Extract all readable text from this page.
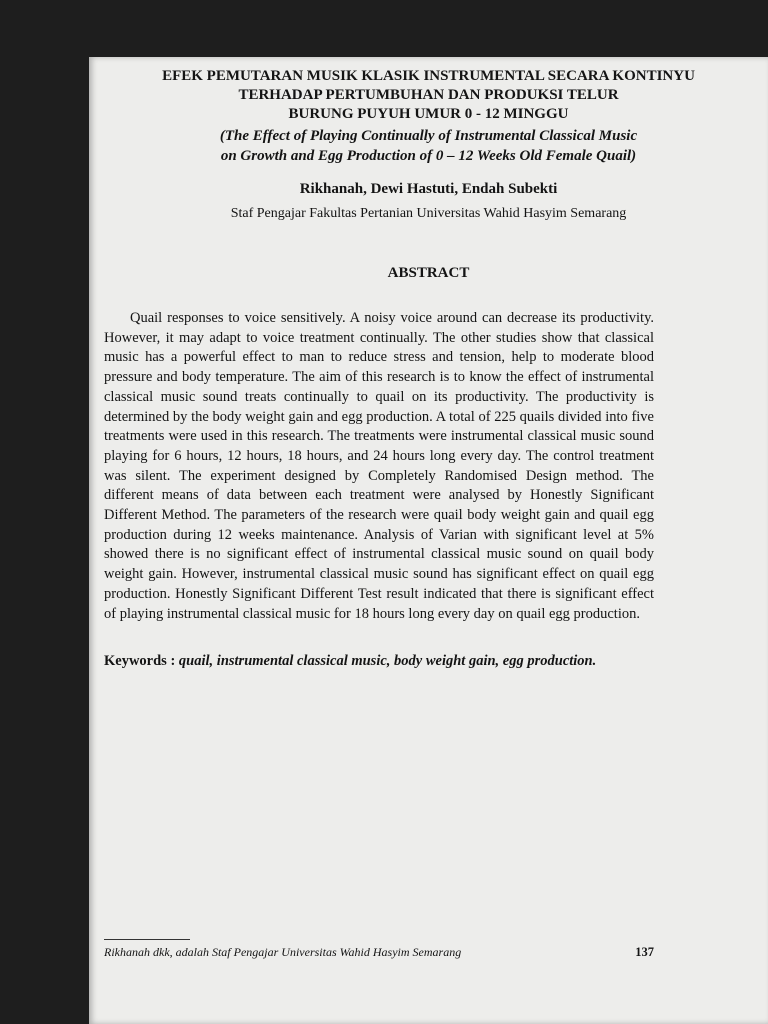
EFEK PEMUTARAN MUSIK KLASIK INSTRUMENTAL SECARA KONTINYU
TERHADAP PERTUMBUHAN DAN PRODUKSI TELUR
BURUNG PUYUH UMUR 0 - 12 MINGGU
(The Effect of Playing Continually of Instrumental Classical Music
on Growth and Egg Production of 0 – 12 Weeks Old Female Quail)
Rikhanah, Dewi Hastuti, Endah Subekti
Staf Pengajar Fakultas Pertanian Universitas Wahid Hasyim Semarang
ABSTRACT

Quail responses to voice sensitively. A noisy voice around can decrease its productivity. However, it may adapt to voice treatment continually. The other studies show that classical music has a powerful effect to man to reduce stress and tension, help to moderate blood pressure and body temperature. The aim of this research is to know the effect of instrumental classical music sound treats continually to quail on its productivity. The productivity is determined by the body weight gain and egg production. A total of 225 quails divided into five treatments were used in this research. The treatments were instrumental classical music sound playing for 6 hours, 12 hours, 18 hours, and 24 hours long every day. The control treatment was silent. The experiment designed by Completely Randomised Design method. The different means of data between each treatment were analysed by Honestly Significant Different Method. The parameters of the research were quail body weight gain and quail egg production during 12 weeks maintenance. Analysis of Varian with significant level at 5% showed there is no significant effect of instrumental classical music sound on quail body weight gain. However, instrumental classical music sound has significant effect on quail egg production. Honestly Significant Different Test result indicated that there is significant effect of playing instrumental classical music for 18 hours long every day on quail egg production.

Keywords : quail, instrumental classical music, body weight gain, egg production.
Rikhanah dkk, adalah Staf Pengajar Universitas Wahid Hasyim Semarang	137
